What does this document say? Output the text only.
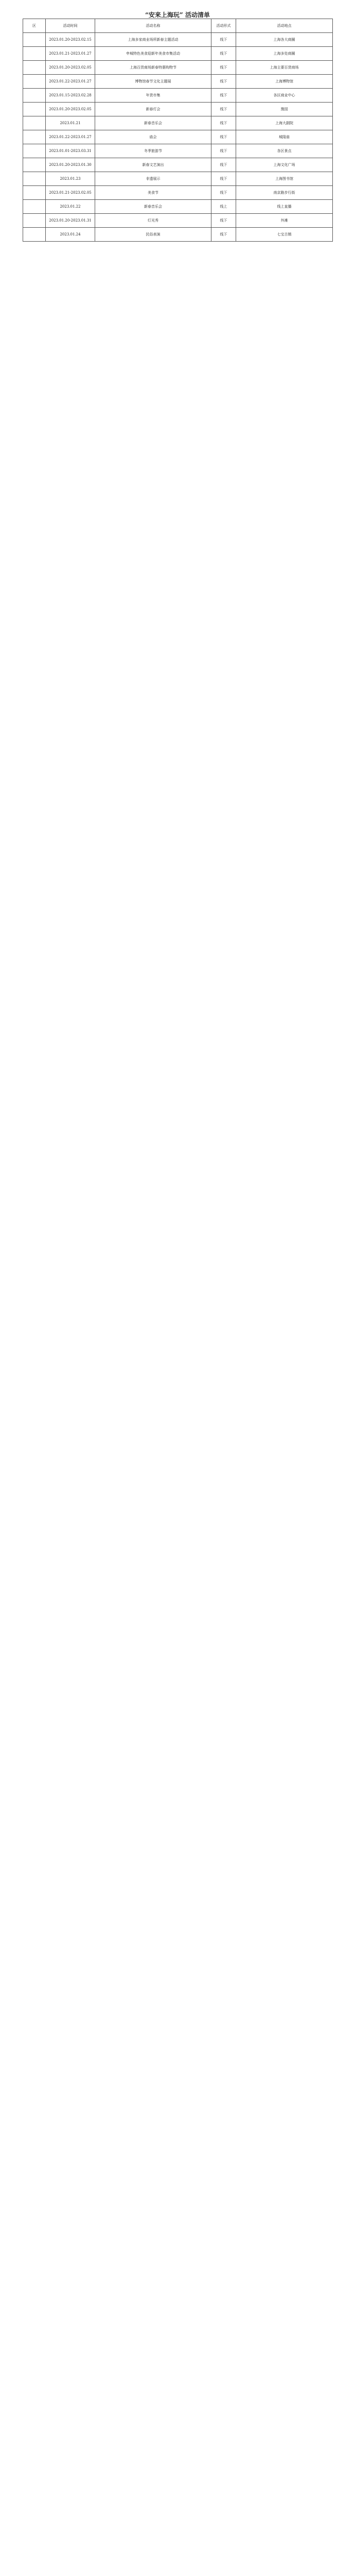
“安来上海玩” 活动清单
区	活动时间	活动名称	活动形式	活动地点
	2023.01.20-2023.02.15	上海多家商业场所新春主题活动	线下	上海各大商圈
	2023.01.21-2023.01.27	申城特色美食迎新年美食市集活动	线下	上海多处商圈
	2023.01.20-2023.02.05	上海百货商场新春特惠购物节	线下	上海主要百货商场
	2023.01.22-2023.01.27	博物馆春节文化主题展	线下	上海博物馆
	2023.01.15-2023.02.28	年货市集	线下	各区商业中心
	2023.01.20-2023.02.05	新春灯会	线下	豫园
	2023.01.21	新春音乐会	线下	上海大剧院
	2023.01.22-2023.01.27	庙会	线下	城隍庙
	2023.01.01-2023.03.31	冬季旅游节	线下	各区景点
	2023.01.20-2023.01.30	新春文艺演出	线下	上海文化广场
	2023.01.23	非遗展示	线下	上海图书馆
	2023.01.21-2023.02.05	美食节	线下	南京路步行街
	2023.01.22	新春音乐会	线上	线上直播
	2023.01.20-2023.01.31	灯光秀	线下	外滩
	2023.01.24	民俗表演	线下	七宝古镇
